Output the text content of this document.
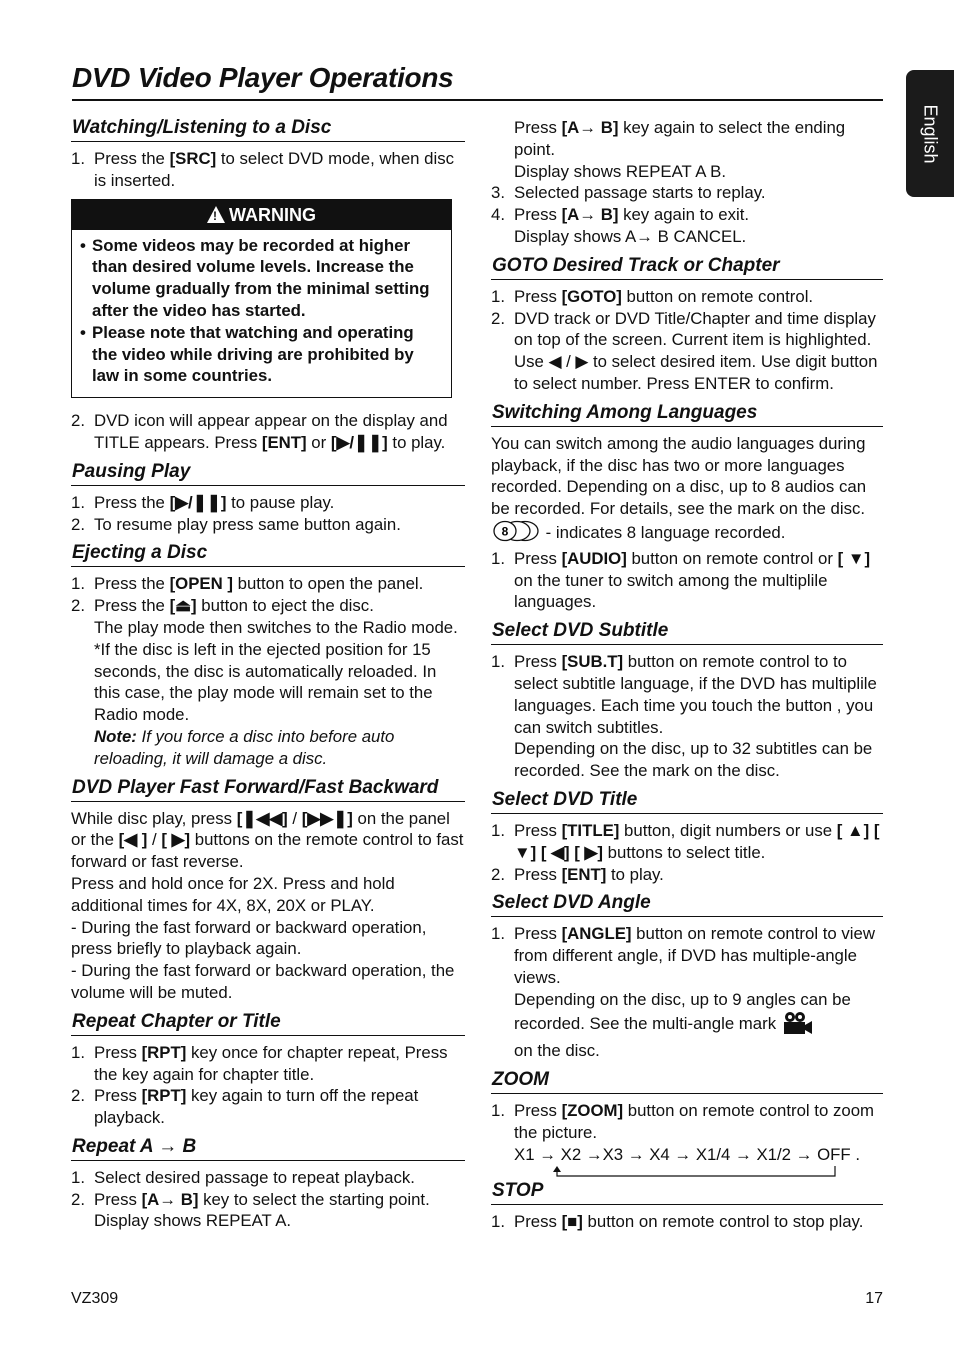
DVD Video Player Operations
English
Watching/Listening to a Disc
1. Press the [SRC] to select DVD mode, when disc is inserted.
! WARNING
• Some videos may be recorded at higher than desired volume levels. Increase the volume gradually from the minimal setting after the video has started.
• Please note that watching and operating the video while driving are prohibited by law in some countries.
2. DVD icon will appear appear on the display and TITLE appears. Press [ENT] or [▶/❚❚] to play.
Pausing Play
1. Press the [▶/❚❚] to pause play.
2. To resume play press same button again.
Ejecting a Disc
1. Press the [OPEN ] button to open the panel.
2. Press the [⏏] button to eject the disc.

The play mode then switches to the Radio mode.

*If the disc is left in the ejected position for 15 seconds, the disc is automatically reloaded. In this case, the play mode will remain set to the Radio mode.

Note: If you force a disc into before auto reloading, it will damage a disc.

DVD Player Fast Forward/Fast Backward

While disc play, press [❚◀◀] / [▶▶❚] on the panel or the [◀ ] / [ ▶] buttons on the remote control to fast forward or fast reverse.

Press and hold once for 2X. Press and hold additional times for 4X, 8X, 20X or PLAY.

- During the fast forward or backward operation, press briefly to playback again.

- During the fast forward or backward operation, the volume will be muted.

Repeat Chapter or Title
1. Press [RPT] key once for chapter repeat, Press the key again for chapter title.
2. Press [RPT] key again to turn off the repeat playback.
Repeat A → B
1. Select desired passage to repeat playback.
2. Press [A→ B] key to select the starting point.
Display shows REPEAT A.

Press [A→ B] key again to select the ending point.

Display shows REPEAT A B.

3. Selected passage starts to replay.
4. Press [A→ B] key again to exit.
Display shows A→ B CANCEL.
GOTO Desired Track or Chapter
1. Press [GOTO] button on remote control.
2. DVD track or DVD Title/Chapter and time display on top of the screen. Current item is highlighted. Use ◀ / ▶ to select desired item. Use digit button to select number. Press ENTER to confirm.
Switching Among Languages

You can switch among the audio languages during playback, if the disc has two or more languages recorded. Depending on a disc, up to 8 audios can be recorded. For details, see the mark on the disc.
8 - indicates 8 language recorded.

1. Press [AUDIO] button on remote control or [ ▼] on the tuner to switch among the multiplile languages.
Select DVD Subtitle
1. Press [SUB.T] button on remote control to to select subtitle language, if the DVD has multiplile languages. Each time you touch the button , you can switch subtitles.
Depending on the disc, up to 32 subtitles can be recorded. See the mark on the disc.
Select DVD Title
1. Press [TITLE] button, digit numbers or use [ ▲] [ ▼] [ ◀] [ ▶] buttons to select title.
2. Press [ENT] to play.
Select DVD Angle
1. Press [ANGLE] button on remote control to view from different angle, if DVD has multiple-angle views.
Depending on the disc, up to 9 angles can be recorded. See the multi-angle mark
on the disc.
ZOOM
1. Press [ZOOM] button on remote control to zoom the picture.
X1 → X2 →X3 → X4 → X1/4 → X1/2 → OFF .
STOP
1. Press [■] button on remote control to stop play.
VZ309	17
